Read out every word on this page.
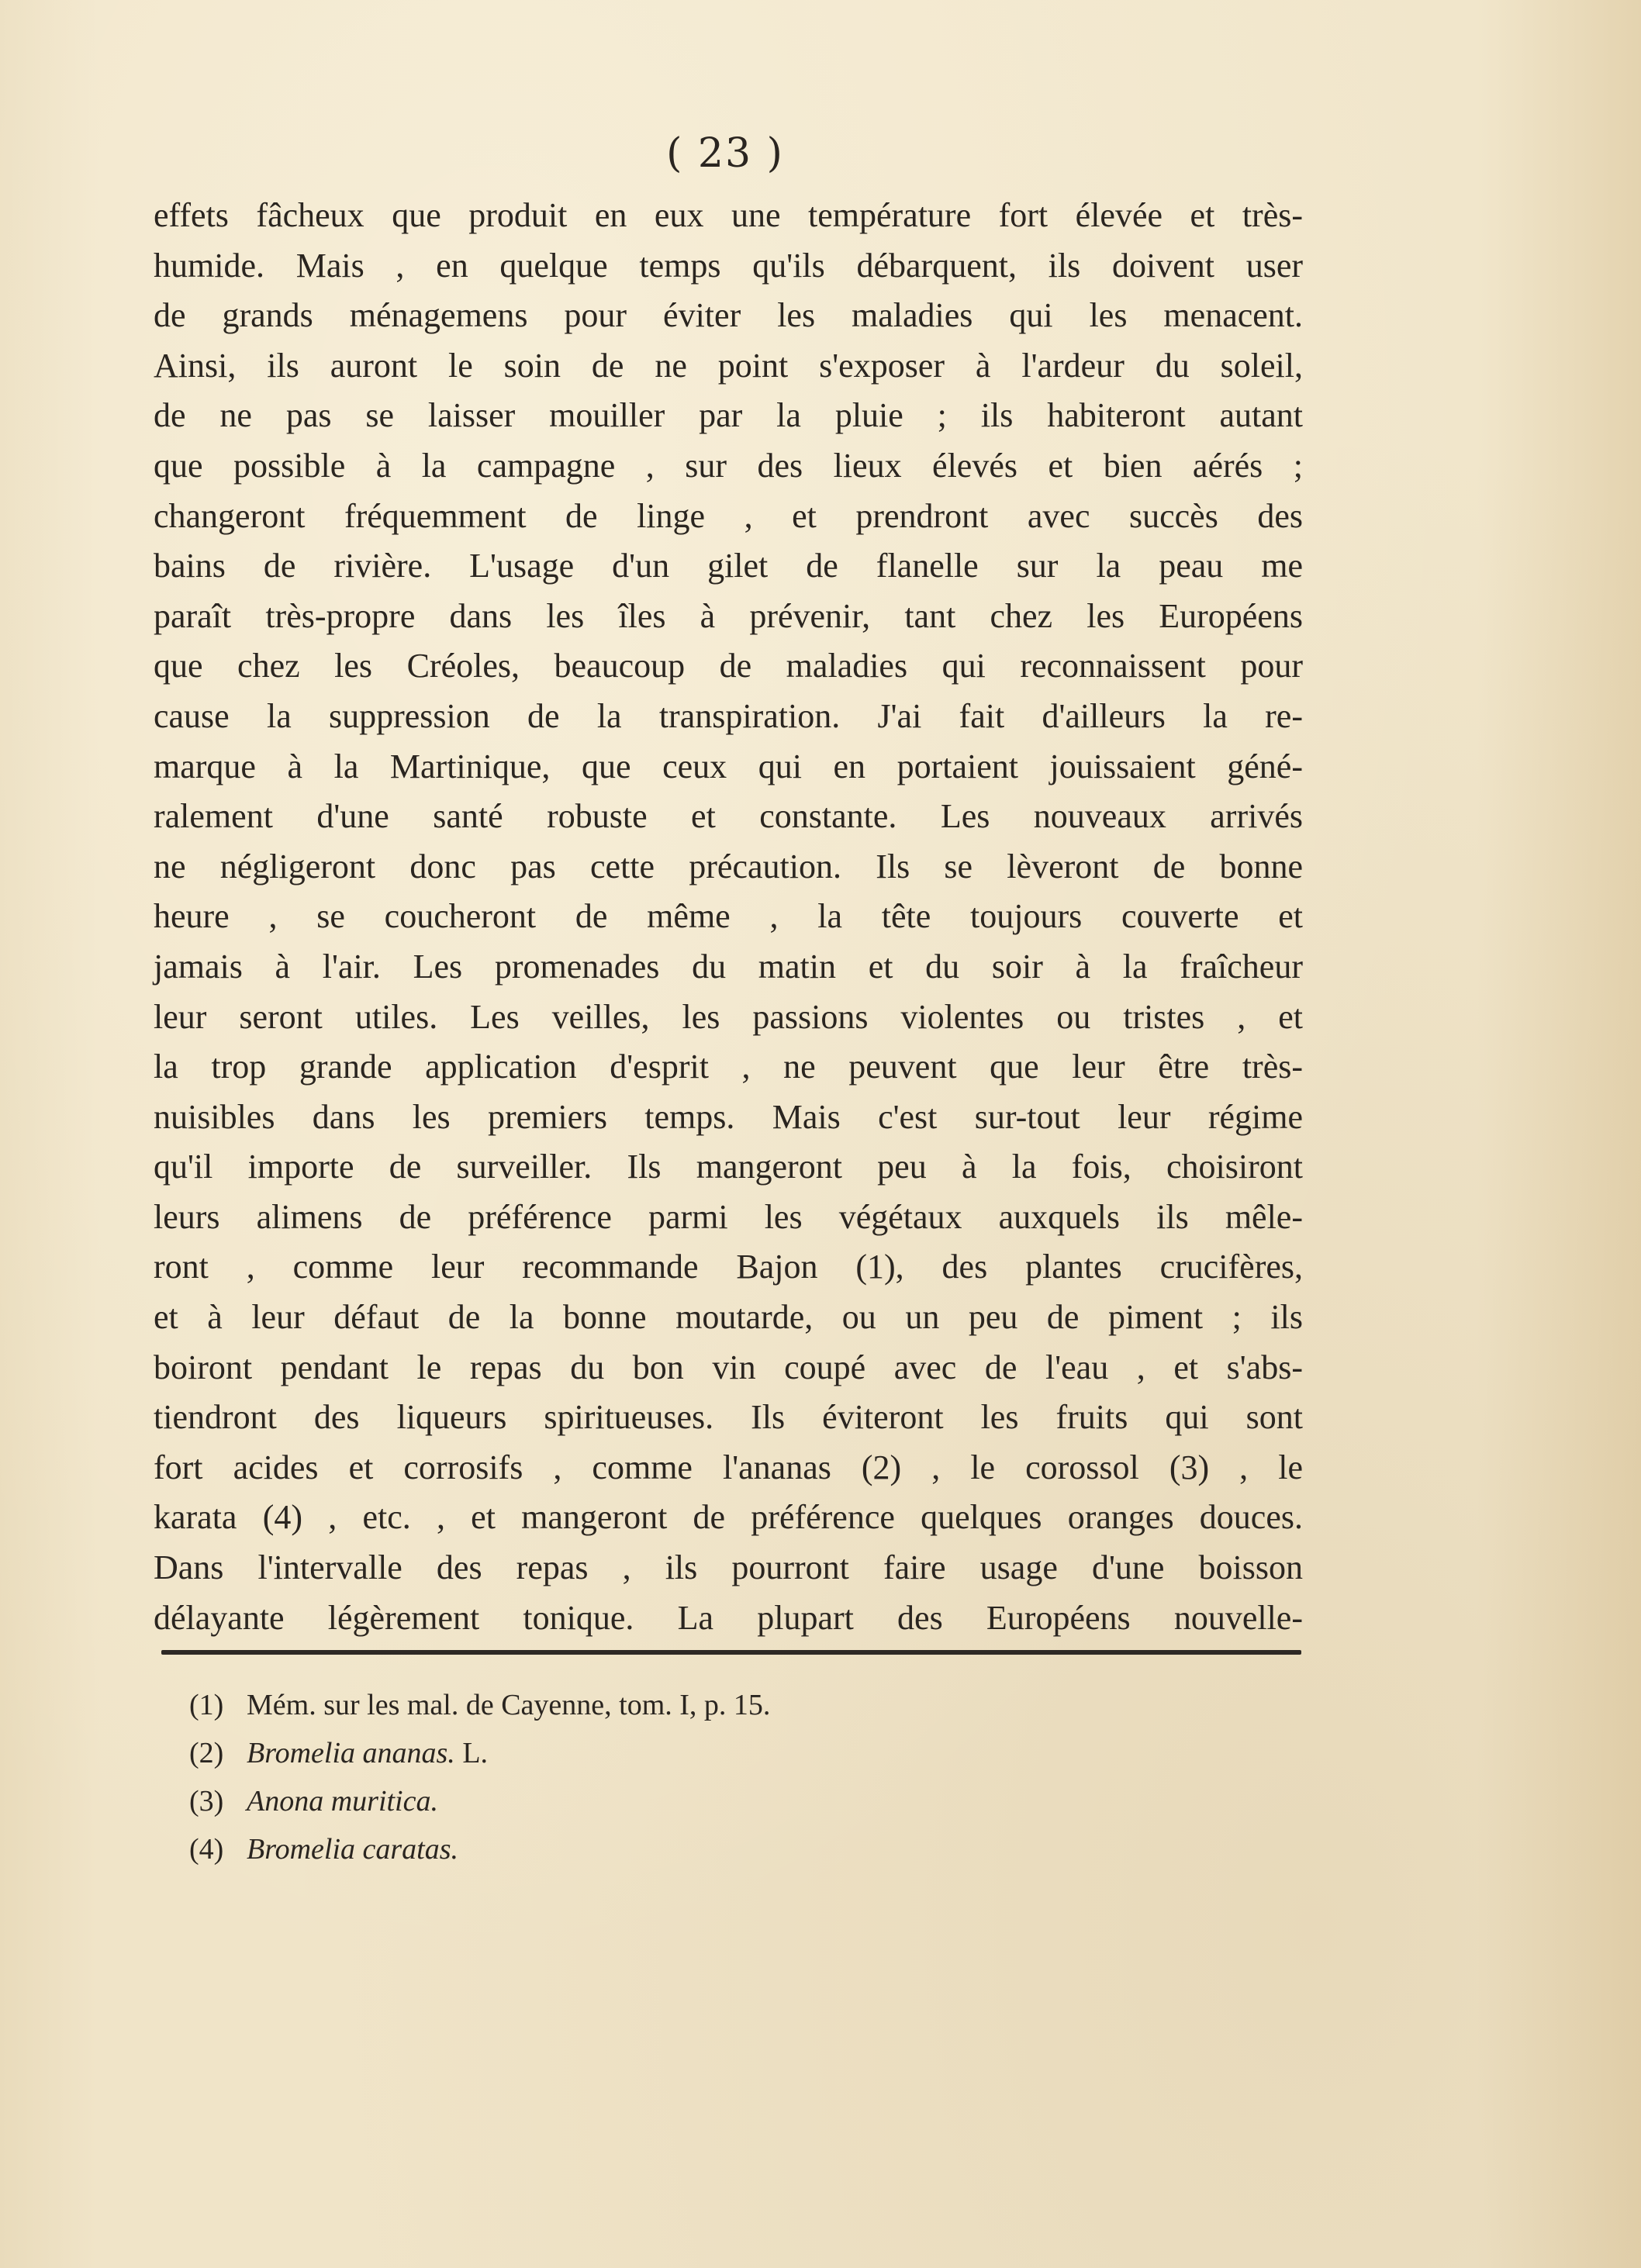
( 23 )
effets fâcheux que produit en eux une température fort élevée et très-
humide. Mais , en quelque temps qu'ils débarquent, ils doivent user
de grands ménagemens pour éviter les maladies qui les menacent.
Ainsi, ils auront le soin de ne point s'exposer à l'ardeur du soleil,
de ne pas se laisser mouiller par la pluie ; ils habiteront autant
que possible à la campagne , sur des lieux élevés et bien aérés ;
changeront fréquemment de linge , et prendront avec succès des
bains de rivière. L'usage d'un gilet de flanelle sur la peau me
paraît très-propre dans les îles à prévenir, tant chez les Européens
que chez les Créoles, beaucoup de maladies qui reconnaissent pour
cause la suppression de la transpiration. J'ai fait d'ailleurs la re-
marque à la Martinique, que ceux qui en portaient jouissaient géné-
ralement d'une santé robuste et constante. Les nouveaux arrivés
ne négligeront donc pas cette précaution. Ils se lèveront de bonne
heure , se coucheront de même , la tête toujours couverte et
jamais à l'air. Les promenades du matin et du soir à la fraîcheur
leur seront utiles. Les veilles, les passions violentes ou tristes , et
la trop grande application d'esprit , ne peuvent que leur être très-
nuisibles dans les premiers temps. Mais c'est sur-tout leur régime
qu'il importe de surveiller. Ils mangeront peu à la fois, choisiront
leurs alimens de préférence parmi les végétaux auxquels ils mêle-
ront , comme leur recommande Bajon (1), des plantes crucifères,
et à leur défaut de la bonne moutarde, ou un peu de piment ; ils
boiront pendant le repas du bon vin coupé avec de l'eau , et s'abs-
tiendront des liqueurs spiritueuses. Ils éviteront les fruits qui sont
fort acides et corrosifs , comme l'ananas (2) , le corossol (3) , le
karata (4) , etc. , et mangeront de préférence quelques oranges douces.
Dans l'intervalle des repas , ils pourront faire usage d'une boisson
délayante légèrement tonique. La plupart des Européens nouvelle-
(1) Mém. sur les mal. de Cayenne, tom. I, p. 15.
(2) Bromelia ananas. L.
(3) Anona muritica.
(4) Bromelia caratas.
